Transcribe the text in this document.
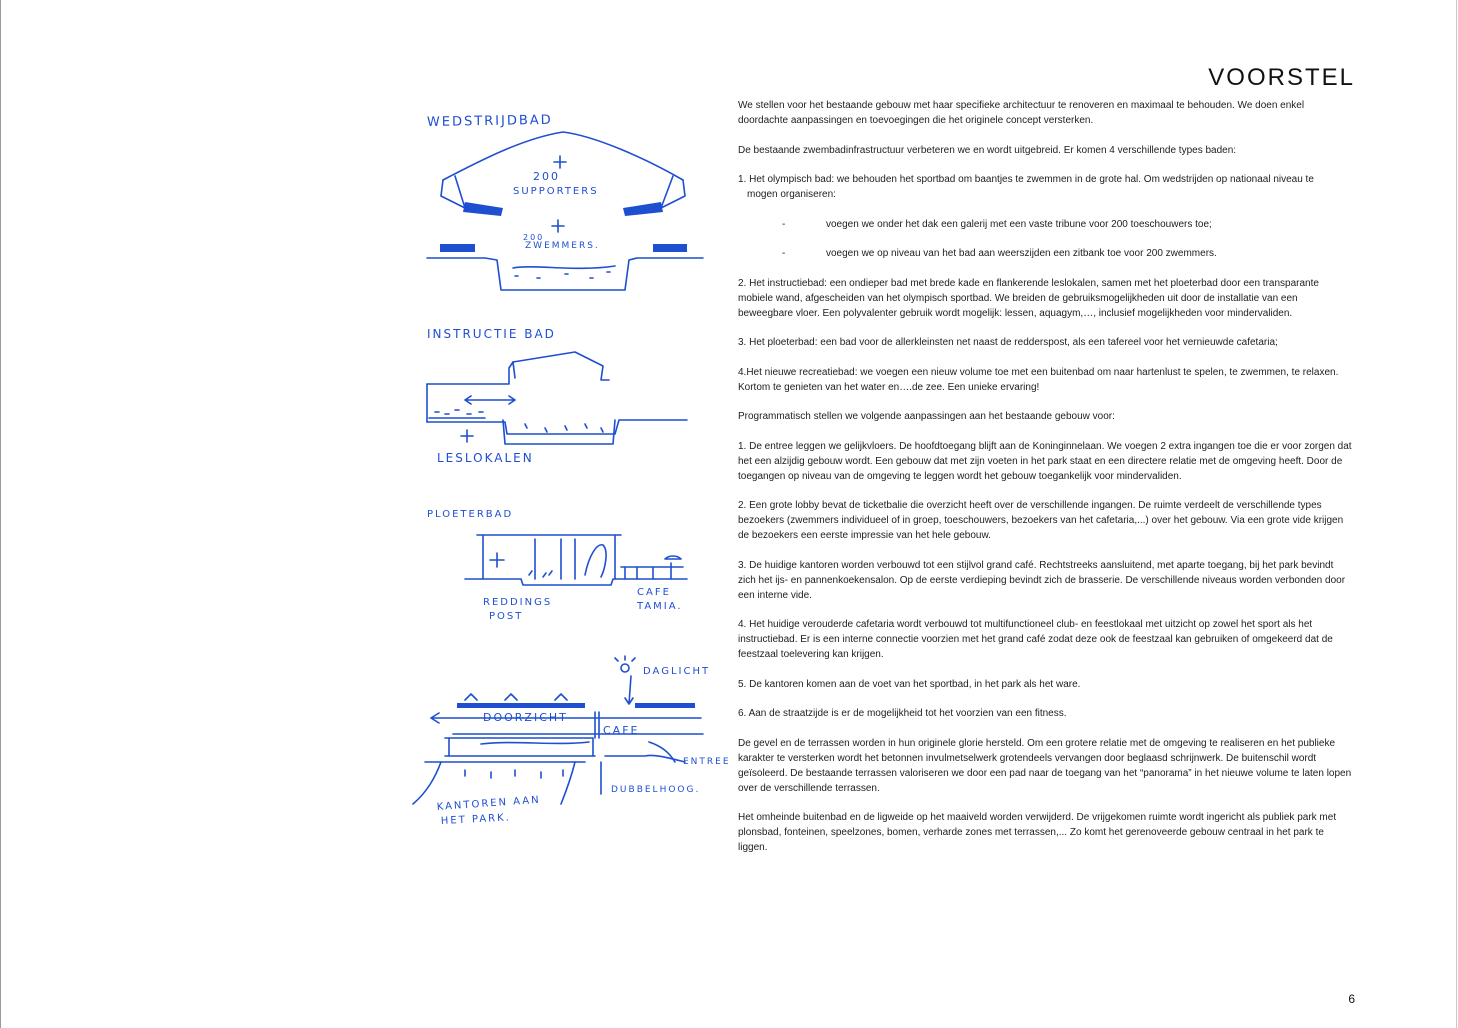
VOORSTEL
WEDSTRIJDBAD
200
SUPPORTERS
200
ZWEMMERS.
INSTRUCTIE BAD
LESLOKALEN
PLOETERBAD
REDDINGS
POST
CAFE
TAMIA.
DAGLICHT
DOORZICHT
CAFE
ENTREE
DUBBELHOOG.
KANTOREN AAN
HET PARK.

We stellen voor het bestaande gebouw met haar specifieke architectuur te renoveren en maximaal te behouden. We doen enkel doordachte aanpassingen en toevoegingen die het originele concept versterken.

De bestaande zwembadinfrastructuur verbeteren we en wordt uitgebreid. Er komen 4 verschillende types baden:

1. Het olympisch bad: we behouden het sportbad om baantjes te zwemmen in de grote hal. Om wedstrijden op nationaal niveau te
mogen organiseren:
-	voegen we onder het dak een galerij met een vaste tribune voor 200 toeschouwers toe;
-	voegen we op niveau van het bad aan weerszijden een zitbank toe voor 200 zwemmers.

2. Het instructiebad: een ondieper bad met brede kade en flankerende leslokalen, samen met het ploeterbad door een transparante mobiele wand, afgescheiden van het olympisch sportbad. We breiden de gebruiksmogelijkheden uit door de installatie van een beweegbare vloer. Een polyvalenter gebruik wordt mogelijk: lessen, aquagym,…, inclusief mogelijkheden voor mindervaliden.

3. Het ploeterbad: een bad voor de allerkleinsten net naast de redderspost, als een tafereel voor het vernieuwde cafetaria;

4.Het nieuwe recreatiebad: we voegen een nieuw volume toe met een buitenbad om naar hartenlust te spelen, te zwemmen, te relaxen. Kortom te genieten van het water en….de zee. Een unieke ervaring!

Programmatisch stellen we volgende aanpassingen aan het bestaande gebouw voor:

1. De entree leggen we gelijkvloers. De hoofdtoegang blijft aan de Koninginnelaan. We voegen 2 extra ingangen toe die er voor zorgen dat het een alzijdig gebouw wordt. Een gebouw dat met zijn voeten in het park staat en een directere relatie met de omgeving heeft. Door de toegangen op niveau van de omgeving te leggen wordt het gebouw toegankelijk voor mindervaliden.

2. Een grote lobby bevat de ticketbalie die overzicht heeft over de verschillende ingangen. De ruimte verdeelt de verschillende types bezoekers (zwemmers individueel of in groep, toeschouwers, bezoekers van het cafetaria,...) over het gebouw. Via een grote vide krijgen de bezoekers een eerste impressie van het hele gebouw.

3. De huidige kantoren worden verbouwd tot een stijlvol grand café. Rechtstreeks aansluitend, met aparte toegang, bij het park bevindt zich het ijs- en pannenkoekensalon. Op de eerste verdieping bevindt zich de brasserie. De verschillende niveaus worden verbonden door een interne vide.

4. Het huidige verouderde cafetaria wordt verbouwd tot multifunctioneel club- en feestlokaal met uitzicht op zowel het sport als het instructiebad. Er is een interne connectie voorzien met het grand café zodat deze ook de feestzaal kan gebruiken of omgekeerd dat de feestzaal toelevering kan krijgen.

5. De kantoren komen aan de voet van het sportbad, in het park als het ware.

6. Aan de straatzijde is er de mogelijkheid tot het voorzien van een fitness.

De gevel en de terrassen worden in hun originele glorie hersteld. Om een grotere relatie met de omgeving te realiseren en het publieke karakter te versterken wordt het betonnen invulmetselwerk grotendeels vervangen door beglaasd schrijnwerk. De buitenschil wordt geïsoleerd. De bestaande terrassen valoriseren we door een pad naar de toegang van het “panorama” in het nieuwe volume te laten lopen over de verschillende terrassen.

Het omheinde buitenbad en de ligweide op het maaiveld worden verwijderd. De vrijgekomen ruimte wordt ingericht als publiek park met plonsbad, fonteinen, speelzones, bomen, verharde zones met terrassen,... Zo komt het gerenoveerde gebouw centraal in het park te liggen.

6
